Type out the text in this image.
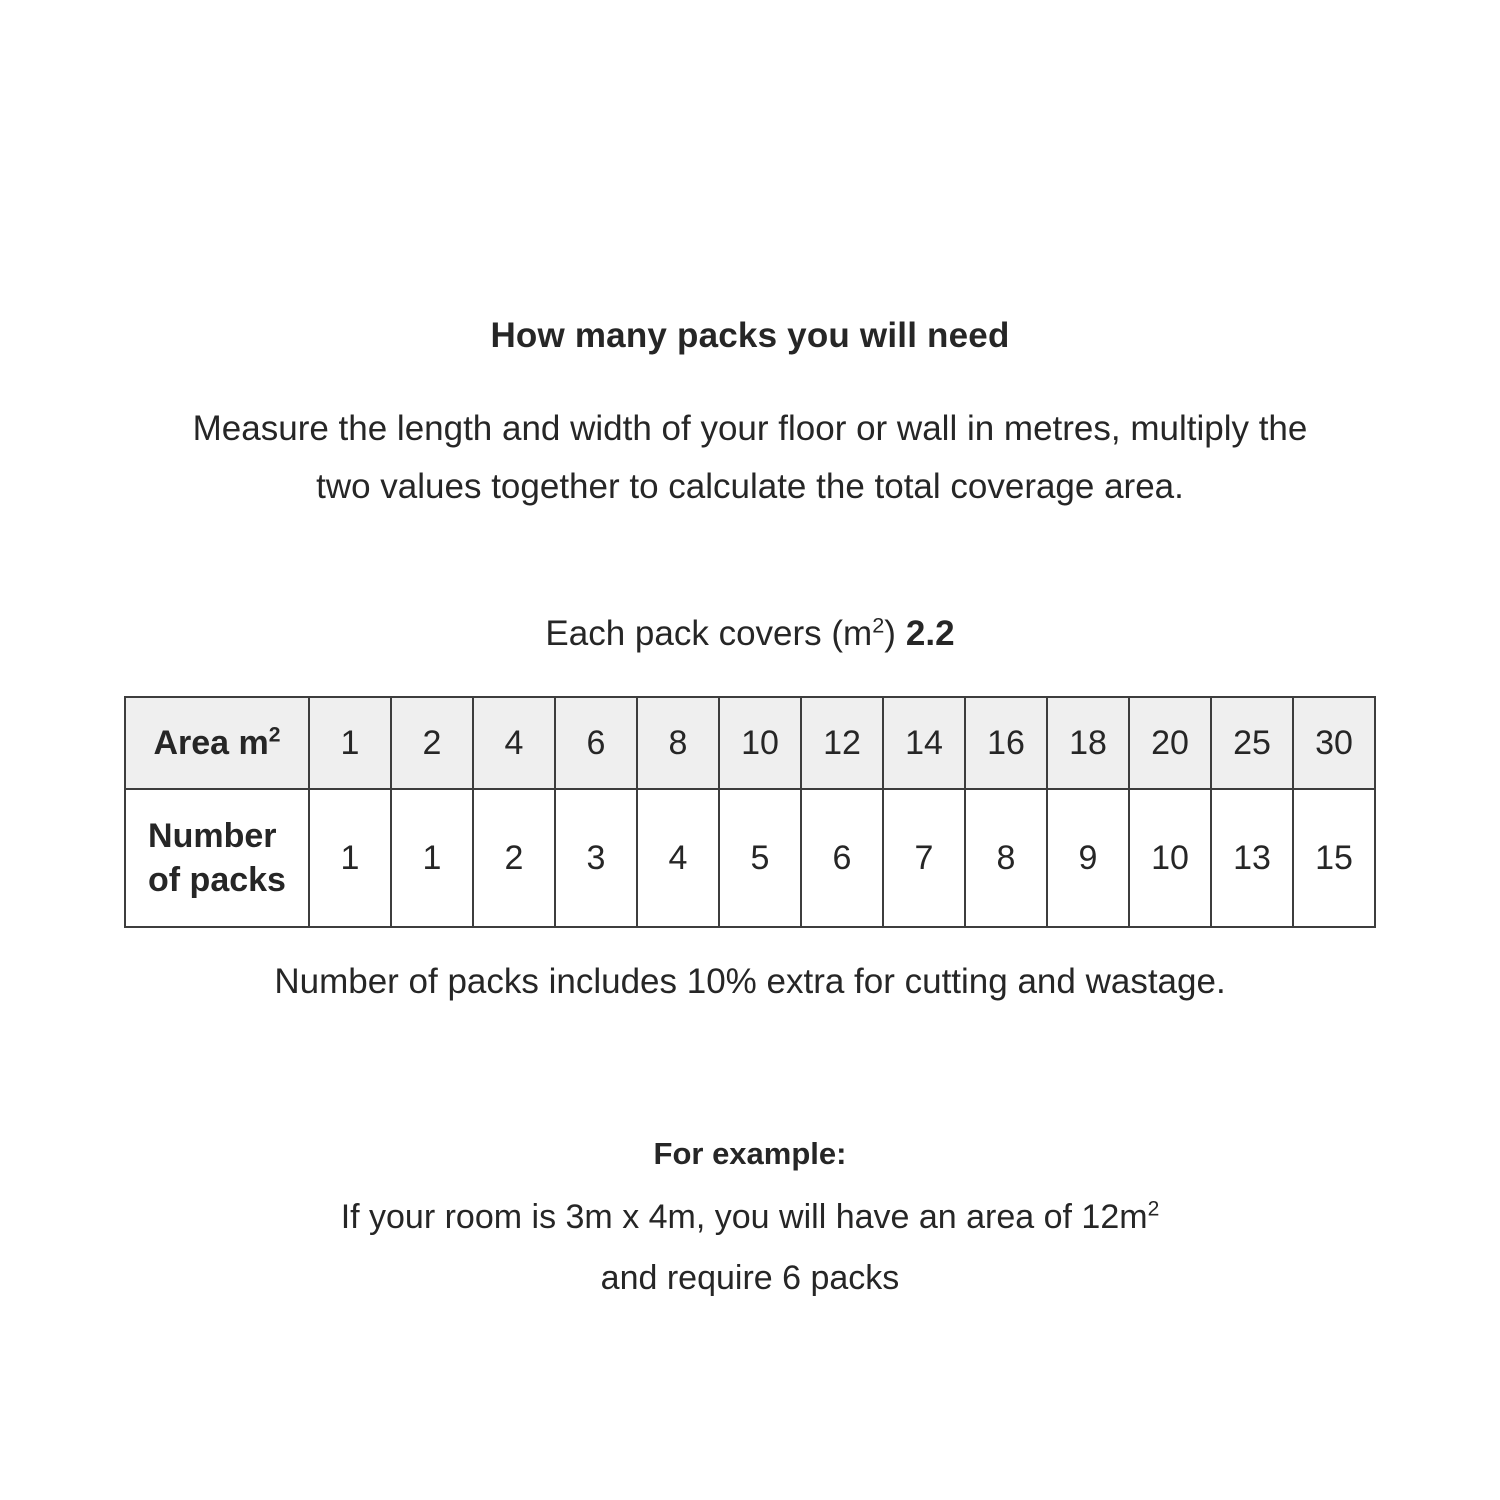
How many packs you will need
Measure the length and width of your floor or wall in metres, multiply the
two values together to calculate the total coverage area.
Each pack covers $(m^2)$ 2.2
Area $m^2$	1	2	4	6	8	10	12	14	16	18	20	25	30
Number
of packs	1	1	2	3	4	5	6	7	8	9	10	13	15
Number of packs includes 10% extra for cutting and wastage.
For example:
If your room is 3m x 4m, you will have an area of $12m^2$
and require 6 packs
